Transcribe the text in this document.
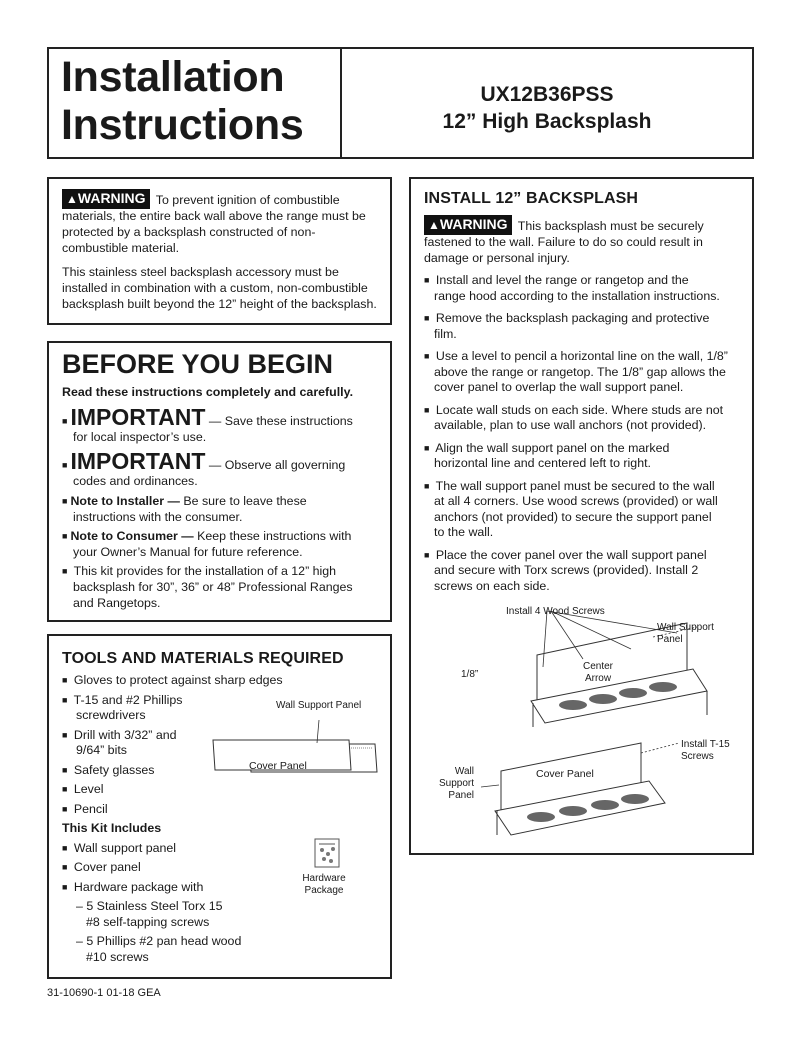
Installation
Instructions
UX12B36PSS
12” High Backsplash

▲WARNING To prevent ignition of combustible materials, the entire back wall above the range must be protected by a backsplash constructed of non-combustible material.

This stainless steel backsplash accessory must be installed in combination with a custom, non-combustible backsplash built beyond the 12” height of the backsplash.

BEFORE YOU BEGIN
Read these instructions completely and carefully.
■ IMPORTANT — Save these instructions
for local inspector’s use.
■ IMPORTANT — Observe all governing
codes and ordinances.
■ Note to Installer — Be sure to leave these
instructions with the consumer.
■ Note to Consumer — Keep these instructions with
your Owner’s Manual for future reference.
■ This kit provides for the installation of a 12” high
backsplash for 30”, 36” or 48” Professional Ranges
and Rangetops.
TOOLS AND MATERIALS REQUIRED
■ Gloves to protect against sharp edges
■ T-15 and #2 Phillips
screwdrivers
■ Drill with 3/32” and
9/64” bits
■ Safety glasses
■ Level
■ Pencil
This Kit Includes
■ Wall support panel
■ Cover panel
■ Hardware package with
– 5 Stainless Steel Torx 15
#8 self-tapping screws
– 5 Phillips #2 pan head wood
#10 screws
Wall Support Panel
Cover Panel
Hardware
Package
INSTALL 12” BACKSPLASH
▲WARNING This backsplash must be securely
fastened to the wall. Failure to do so could result in
damage or personal injury.
■ Install and level the range or rangetop and the
range hood according to the installation instructions.
■ Remove the backsplash packaging and protective
film.
■ Use a level to pencil a horizontal line on the wall, 1/8”
above the range or rangetop. The 1/8” gap allows the
cover panel to overlap the wall support panel.
■ Locate wall studs on each side. Where studs are not
available, plan to use wall anchors (not provided).
■ Align the wall support panel on the marked
horizontal line and centered left to right.
■ The wall support panel must be secured to the wall
at all 4 corners. Use wood screws (provided) or wall
anchors (not provided) to secure the support panel
to the wall.
■ Place the cover panel over the wall support panel
and secure with Torx screws (provided). Install 2
screws on each side.
Install 4 Wood Screws
Wall Support
Panel
Center
Arrow
1/8”
Install T-15
Screws
Wall
Support
Panel
Cover Panel
31-10690-1 01-18 GEA
